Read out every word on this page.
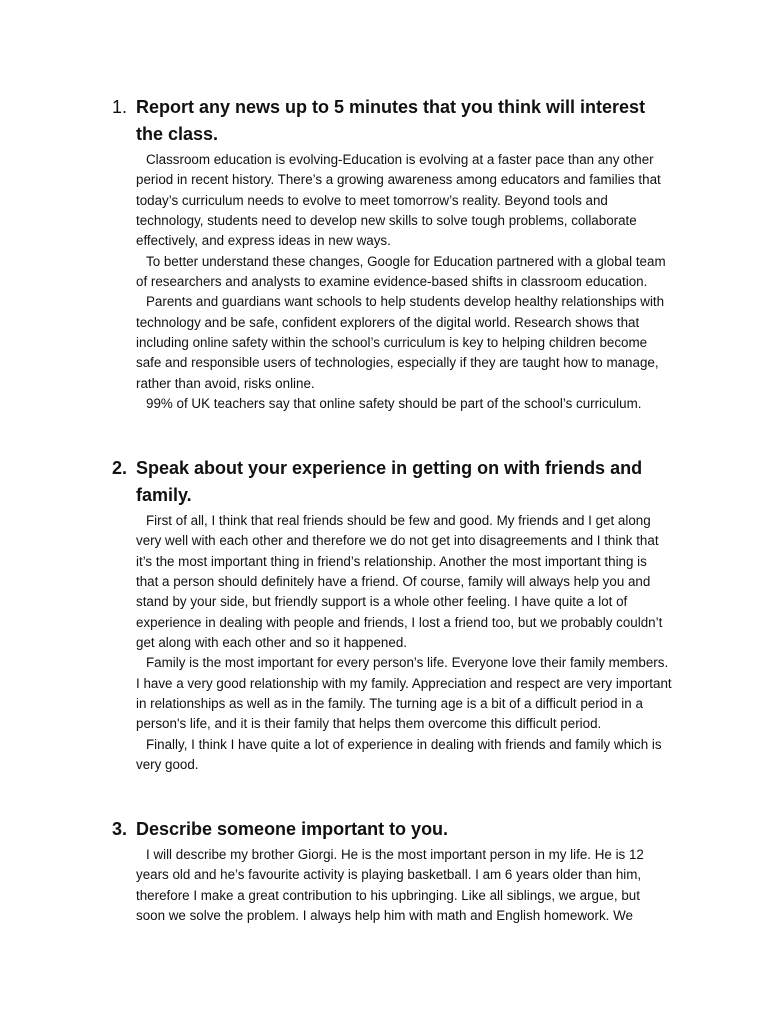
1. Report any news up to 5 minutes that you think will interest the class.

Classroom education is evolving-Education is evolving at a faster pace than any other period in recent history. There’s a growing awareness among educators and families that today’s curriculum needs to evolve to meet tomorrow’s reality. Beyond tools and technology, students need to develop new skills to solve tough problems, collaborate effectively, and express ideas in new ways.

To better understand these changes, Google for Education partnered with a global team of researchers and analysts to examine evidence-based shifts in classroom education.

Parents and guardians want schools to help students develop healthy relationships with technology and be safe, confident explorers of the digital world. Research shows that including online safety within the school’s curriculum is key to helping children become safe and responsible users of technologies, especially if they are taught how to manage, rather than avoid, risks online.

99% of UK teachers say that online safety should be part of the school’s curriculum.

2. Speak about your experience in getting on with friends and family.

First of all, I think that real friends should be few and good. My friends and I get along very well with each other and therefore we do not get into disagreements and I think that it’s the most important thing in friend’s relationship. Another the most important thing is that a person should definitely have a friend. Of course, family will always help you and stand by your side, but friendly support is a whole other feeling. I have quite a lot of experience in dealing with people and friends, I lost a friend too, but we probably couldn’t get along with each other and so it happened.

Family is the most important for every person’s life. Everyone love their family members. I have a very good relationship with my family. Appreciation and respect are very important in relationships as well as in the family. The turning age is a bit of a difficult period in a person's life, and it is their family that helps them overcome this difficult period.

Finally, I think I have quite a lot of experience in dealing with friends and family which is very good.

3. Describe someone important to you.

I will describe my brother Giorgi. He is the most important person in my life. He is 12 years old and he’s favourite activity is playing basketball. I am 6 years older than him, therefore I make a great contribution to his upbringing. Like all siblings, we argue, but soon we solve the problem. I always help him with math and English homework. We
